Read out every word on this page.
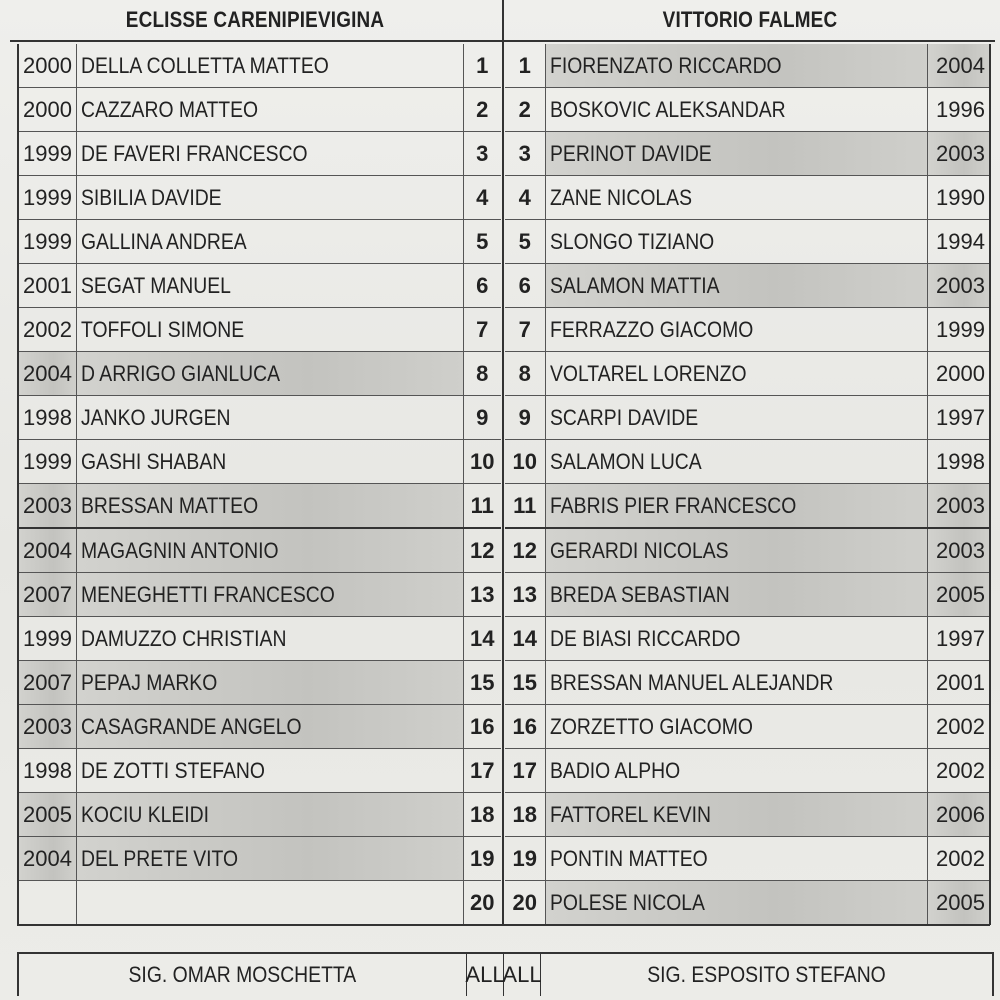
ECLISSE CARENIPIEVIGINA	VITTORIO FALMEC
2000	DELLA COLLETTA MATTEO	1
2000	CAZZARO MATTEO	2
1999	DE FAVERI FRANCESCO	3
1999	SIBILIA DAVIDE	4
1999	GALLINA ANDREA	5
2001	SEGAT MANUEL	6
2002	TOFFOLI SIMONE	7
2004	D ARRIGO GIANLUCA	8
1998	JANKO JURGEN	9
1999	GASHI SHABAN	10
2003	BRESSAN MATTEO	11
2004	MAGAGNIN ANTONIO	12
2007	MENEGHETTI FRANCESCO	13
1999	DAMUZZO CHRISTIAN	14
2007	PEPAJ MARKO	15
2003	CASAGRANDE ANGELO	16
1998	DE ZOTTI STEFANO	17
2005	KOCIU KLEIDI	18
2004	DEL PRETE VITO	19
		20
1	FIORENZATO RICCARDO	2004
2	BOSKOVIC ALEKSANDAR	1996
3	PERINOT DAVIDE	2003
4	ZANE NICOLAS	1990
5	SLONGO TIZIANO	1994
6	SALAMON MATTIA	2003
7	FERRAZZO GIACOMO	1999
8	VOLTAREL LORENZO	2000
9	SCARPI DAVIDE	1997
10	SALAMON LUCA	1998
11	FABRIS PIER FRANCESCO	2003
12	GERARDI NICOLAS	2003
13	BREDA SEBASTIAN	2005
14	DE BIASI RICCARDO	1997
15	BRESSAN MANUEL ALEJANDR	2001
16	ZORZETTO GIACOMO	2002
17	BADIO ALPHO	2002
18	FATTOREL KEVIN	2006
19	PONTIN MATTEO	2002
20	POLESE NICOLA	2005
SIG. OMAR MOSCHETTA	ALL
ALL	SIG. ESPOSITO STEFANO
